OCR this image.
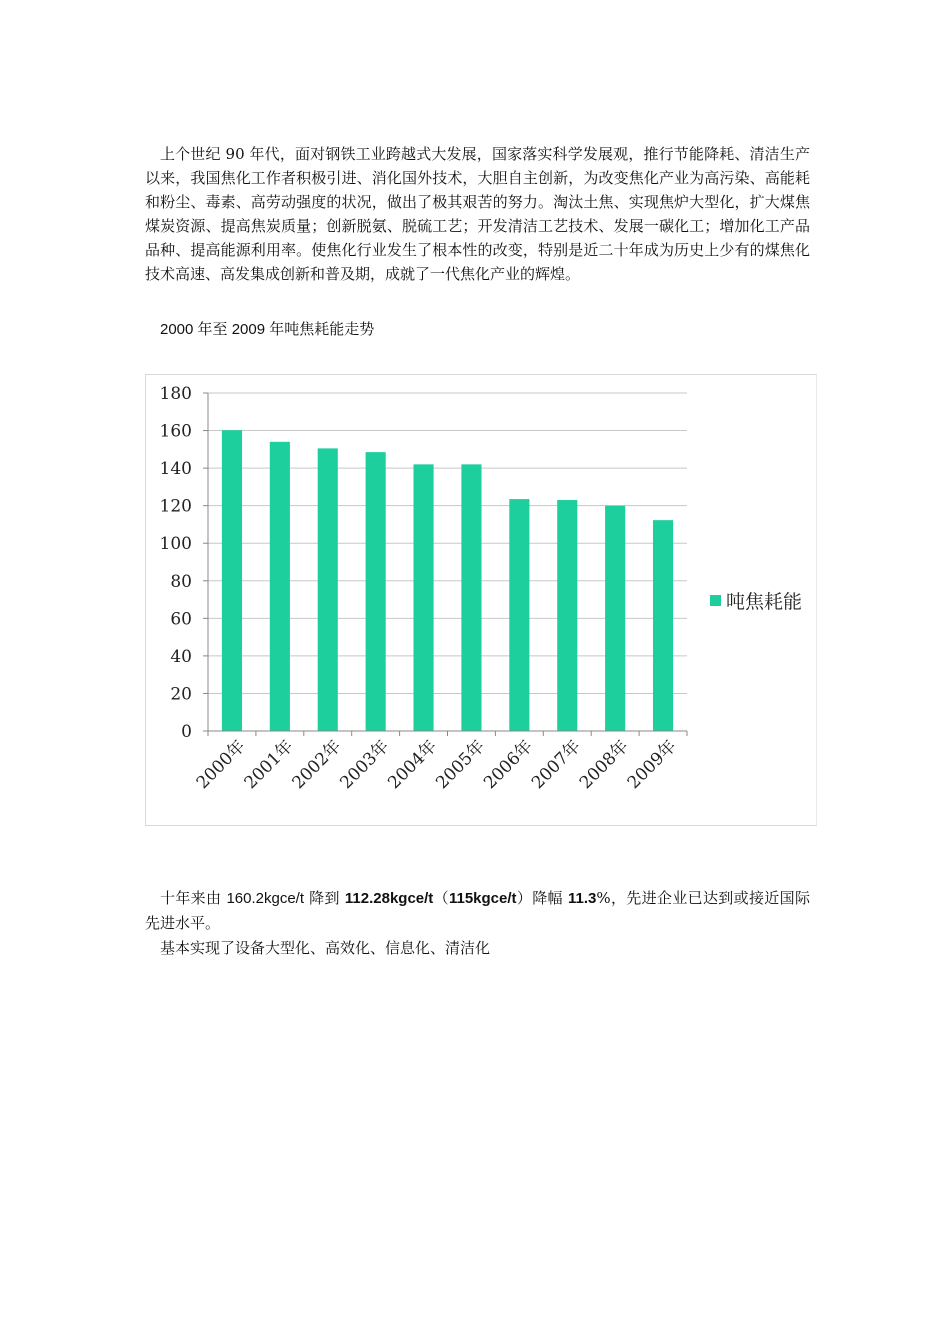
上个世纪 90 年代，面对钢铁工业跨越式大发展，国家落实科学发展观，推行节能降耗、清洁生产以来，我国焦化工作者积极引进、消化国外技术，大胆自主创新，为改变焦化产业为高污染、高能耗和粉尘、毒素、高劳动强度的状况，做出了极其艰苦的努力。淘汰土焦、实现焦炉大型化，扩大煤焦煤炭资源、提高焦炭质量；创新脱氨、脱硫工艺；开发清洁工艺技术、发展一碳化工；增加化工产品品种、提高能源利用率。使焦化行业发生了根本性的改变，特别是近二十年成为历史上少有的煤焦化技术高速、高发集成创新和普及期，成就了一代焦化产业的辉煌。

2000 年至 2009 年吨焦耗能走势
0
20
40
60
80
100
120
140
160
180
2000年
2001年
2002年
2003年
2004年
2005年
2006年
2007年
2008年
2009年
吨焦耗能

十年来由 160.2kgce/t 降到 112.28kgce/t（115kgce/t）降幅 11.3%，先进企业已达到或接近国际先进水平。

基本实现了设备大型化、高效化、信息化、清洁化
